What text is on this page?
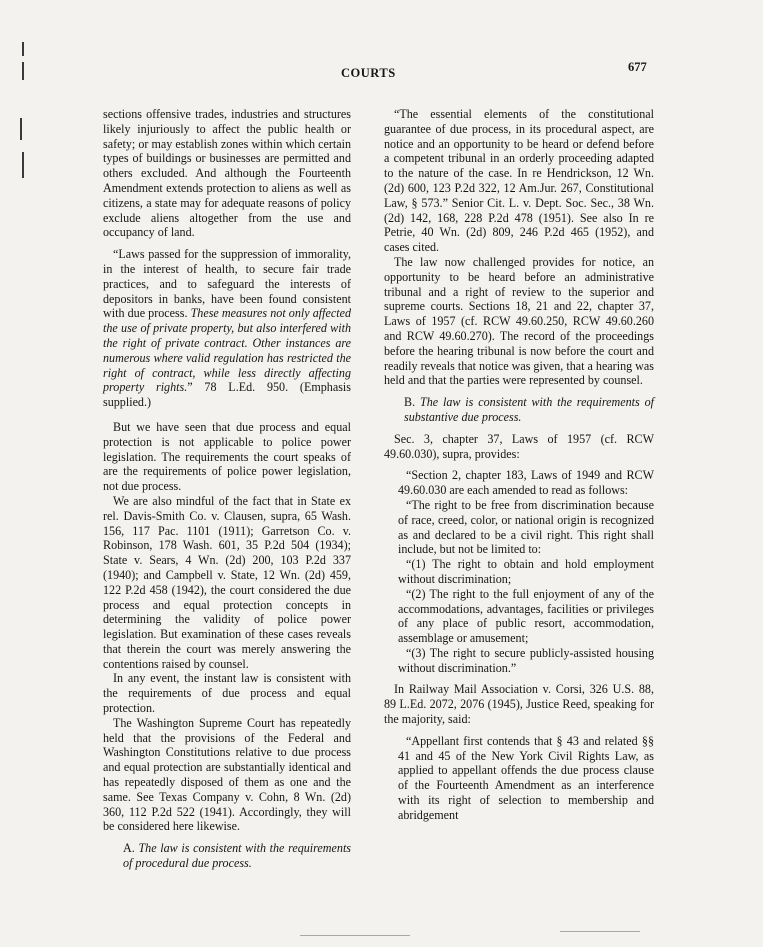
COURTS	677

sections offensive trades, industries and structures likely injuriously to affect the public health or safety; or may establish zones within which certain types of buildings or businesses are permitted and others excluded. And although the Fourteenth Amendment extends protection to aliens as well as citizens, a state may for adequate reasons of policy exclude aliens altogether from the use and occupancy of land.

“Laws passed for the suppression of immorality, in the interest of health, to secure fair trade practices, and to safeguard the interests of depositors in banks, have been found consistent with due process. These measures not only affected the use of private property, but also interfered with the right of private contract. Other instances are numerous where valid regulation has restricted the right of contract, while less directly affecting property rights.” 78 L.Ed. 950. (Emphasis supplied.)

But we have seen that due process and equal protection is not applicable to police power legislation. The requirements the court speaks of are the requirements of police power legislation, not due process.

We are also mindful of the fact that in State ex rel. Davis-Smith Co. v. Clausen, supra, 65 Wash. 156, 117 Pac. 1101 (1911); Garretson Co. v. Robinson, 178 Wash. 601, 35 P.2d 504 (1934); State v. Sears, 4 Wn. (2d) 200, 103 P.2d 337 (1940); and Campbell v. State, 12 Wn. (2d) 459, 122 P.2d 458 (1942), the court considered the due process and equal protection concepts in determining the validity of police power legislation. But examination of these cases reveals that therein the court was merely answering the contentions raised by counsel.

In any event, the instant law is consistent with the requirements of due process and equal protection.

The Washington Supreme Court has repeatedly held that the provisions of the Federal and Washington Constitutions relative to due process and equal protection are substantially identical and has repeatedly disposed of them as one and the same. See Texas Company v. Cohn, 8 Wn. (2d) 360, 112 P.2d 522 (1941). Accordingly, they will be considered here likewise.

A. The law is consistent with the requirements of procedural due process.

“The essential elements of the constitutional guarantee of due process, in its procedural aspect, are notice and an opportunity to be heard or defend before a competent tribunal in an orderly proceeding adapted to the nature of the case. In re Hendrickson, 12 Wn. (2d) 600, 123 P.2d 322, 12 Am.Jur. 267, Constitutional Law, § 573.” Senior Cit. L. v. Dept. Soc. Sec., 38 Wn. (2d) 142, 168, 228 P.2d 478 (1951). See also In re Petrie, 40 Wn. (2d) 809, 246 P.2d 465 (1952), and cases cited.

The law now challenged provides for notice, an opportunity to be heard before an administrative tribunal and a right of review to the superior and supreme courts. Sections 18, 21 and 22, chapter 37, Laws of 1957 (cf. RCW 49.60.250, RCW 49.60.260 and RCW 49.60.270). The record of the proceedings before the hearing tribunal is now before the court and readily reveals that notice was given, that a hearing was held and that the parties were represented by counsel.

B. The law is consistent with the requirements of substantive due process.

Sec. 3, chapter 37, Laws of 1957 (cf. RCW 49.60.030), supra, provides:

“Section 2, chapter 183, Laws of 1949 and RCW 49.60.030 are each amended to read as follows:

“The right to be free from discrimination because of race, creed, color, or national origin is recognized as and declared to be a civil right. This right shall include, but not be limited to:

“(1) The right to obtain and hold employment without discrimination;

“(2) The right to the full enjoyment of any of the accommodations, advantages, facilities or privileges of any place of public resort, accommodation, assemblage or amusement;

“(3) The right to secure publicly-assisted housing without discrimination.”

In Railway Mail Association v. Corsi, 326 U.S. 88, 89 L.Ed. 2072, 2076 (1945), Justice Reed, speaking for the majority, said:

“Appellant first contends that § 43 and related §§ 41 and 45 of the New York Civil Rights Law, as applied to appellant offends the due process clause of the Fourteenth Amendment as an interference with its right of selection to membership and abridgement
